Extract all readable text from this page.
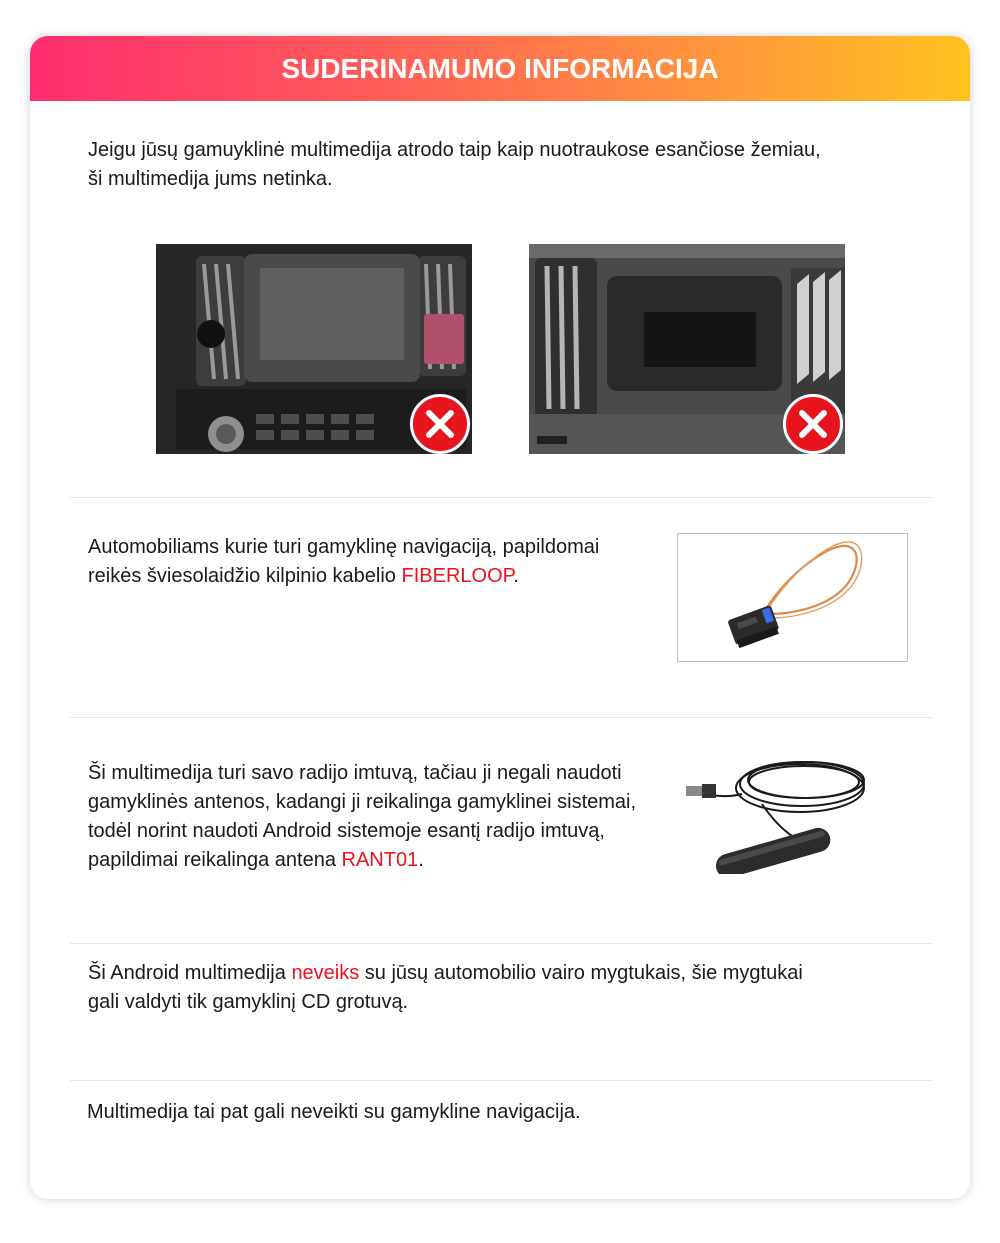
SUDERINAMUMO INFORMACIJA
Jeigu jūsų gamuyklinė multimedija atrodo taip kaip nuotraukose esančiose žemiau,
ši multimedija jums netinka.
Automobiliams kurie turi gamyklinę navigaciją, papildomai
reikės šviesolaidžio kilpinio kabelio FIBERLOOP.
Ši multimedija turi savo radijo imtuvą, tačiau ji negali naudoti
gamyklinės antenos, kadangi ji reikalinga gamyklinei sistemai,
todėl norint naudoti Android sistemoje esantį radijo imtuvą,
papildimai reikalinga antena RANT01.
Ši Android multimedija neveiks su jūsų automobilio vairo mygtukais, šie mygtukai
gali valdyti tik gamyklinį CD grotuvą.
Multimedija tai pat gali neveikti su gamykline navigacija.
